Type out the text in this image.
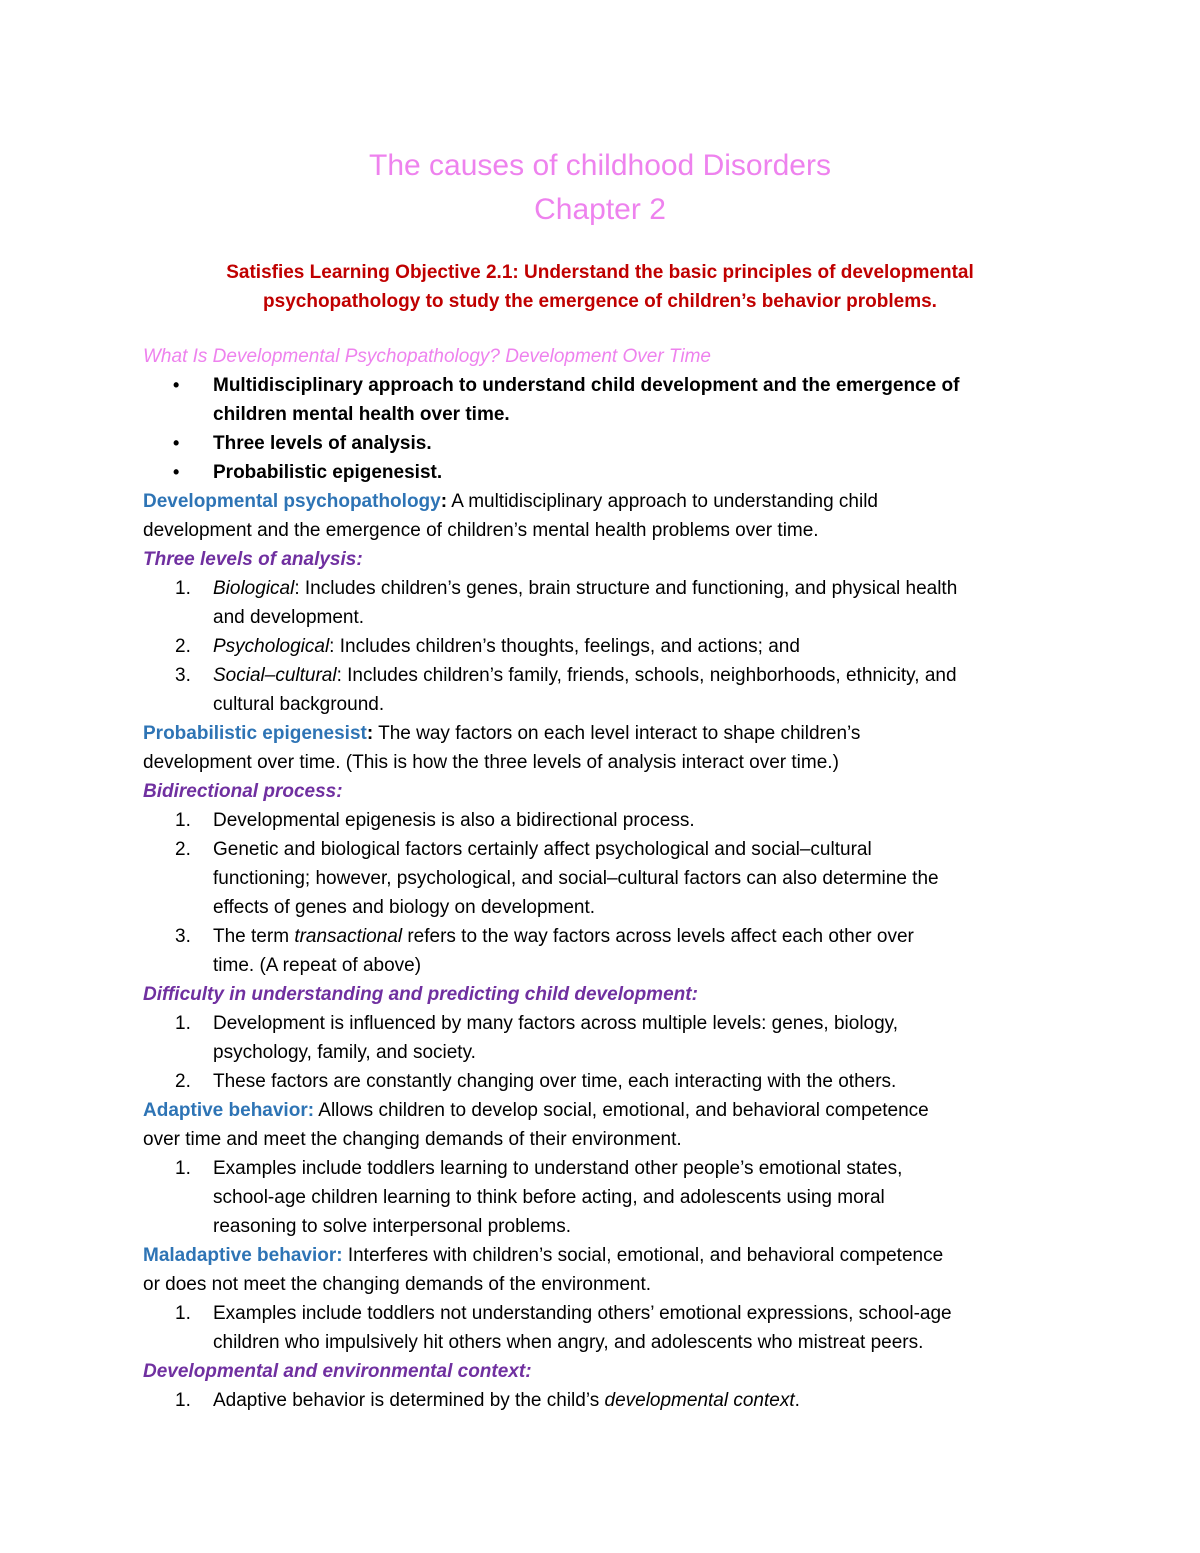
The causes of childhood Disorders
Chapter 2
Satisfies Learning Objective 2.1: Understand the basic principles of developmental
psychopathology to study the emergence of children’s behavior problems.
What Is Developmental Psychopathology? Development Over Time
•	Multidisciplinary approach to understand child development and the emergence of
children mental health over time.
•	Three levels of analysis.
•	Probabilistic epigenesist.
Developmental psychopathology: A multidisciplinary approach to understanding child
development and the emergence of children’s mental health problems over time.
Three levels of analysis:
1.	Biological: Includes children’s genes, brain structure and functioning, and physical health
and development.
2.	Psychological: Includes children’s thoughts, feelings, and actions; and
3.	Social–cultural: Includes children’s family, friends, schools, neighborhoods, ethnicity, and
cultural background.
Probabilistic epigenesist: The way factors on each level interact to shape children’s
development over time. (This is how the three levels of analysis interact over time.)
Bidirectional process:
1.	Developmental epigenesis is also a bidirectional process.
2.	Genetic and biological factors certainly affect psychological and social–cultural
functioning; however, psychological, and social–cultural factors can also determine the
effects of genes and biology on development.
3.	The term transactional refers to the way factors across levels affect each other over
time. (A repeat of above)
Difficulty in understanding and predicting child development:
1.	Development is influenced by many factors across multiple levels: genes, biology,
psychology, family, and society.
2.	These factors are constantly changing over time, each interacting with the others.
Adaptive behavior: Allows children to develop social, emotional, and behavioral competence
over time and meet the changing demands of their environment.
1.	Examples include toddlers learning to understand other people’s emotional states,
school-age children learning to think before acting, and adolescents using moral
reasoning to solve interpersonal problems.
Maladaptive behavior: Interferes with children’s social, emotional, and behavioral competence
or does not meet the changing demands of the environment.
1.	Examples include toddlers not understanding others’ emotional expressions, school-age
children who impulsively hit others when angry, and adolescents who mistreat peers.
Developmental and environmental context:
1.	Adaptive behavior is determined by the child’s developmental context.
